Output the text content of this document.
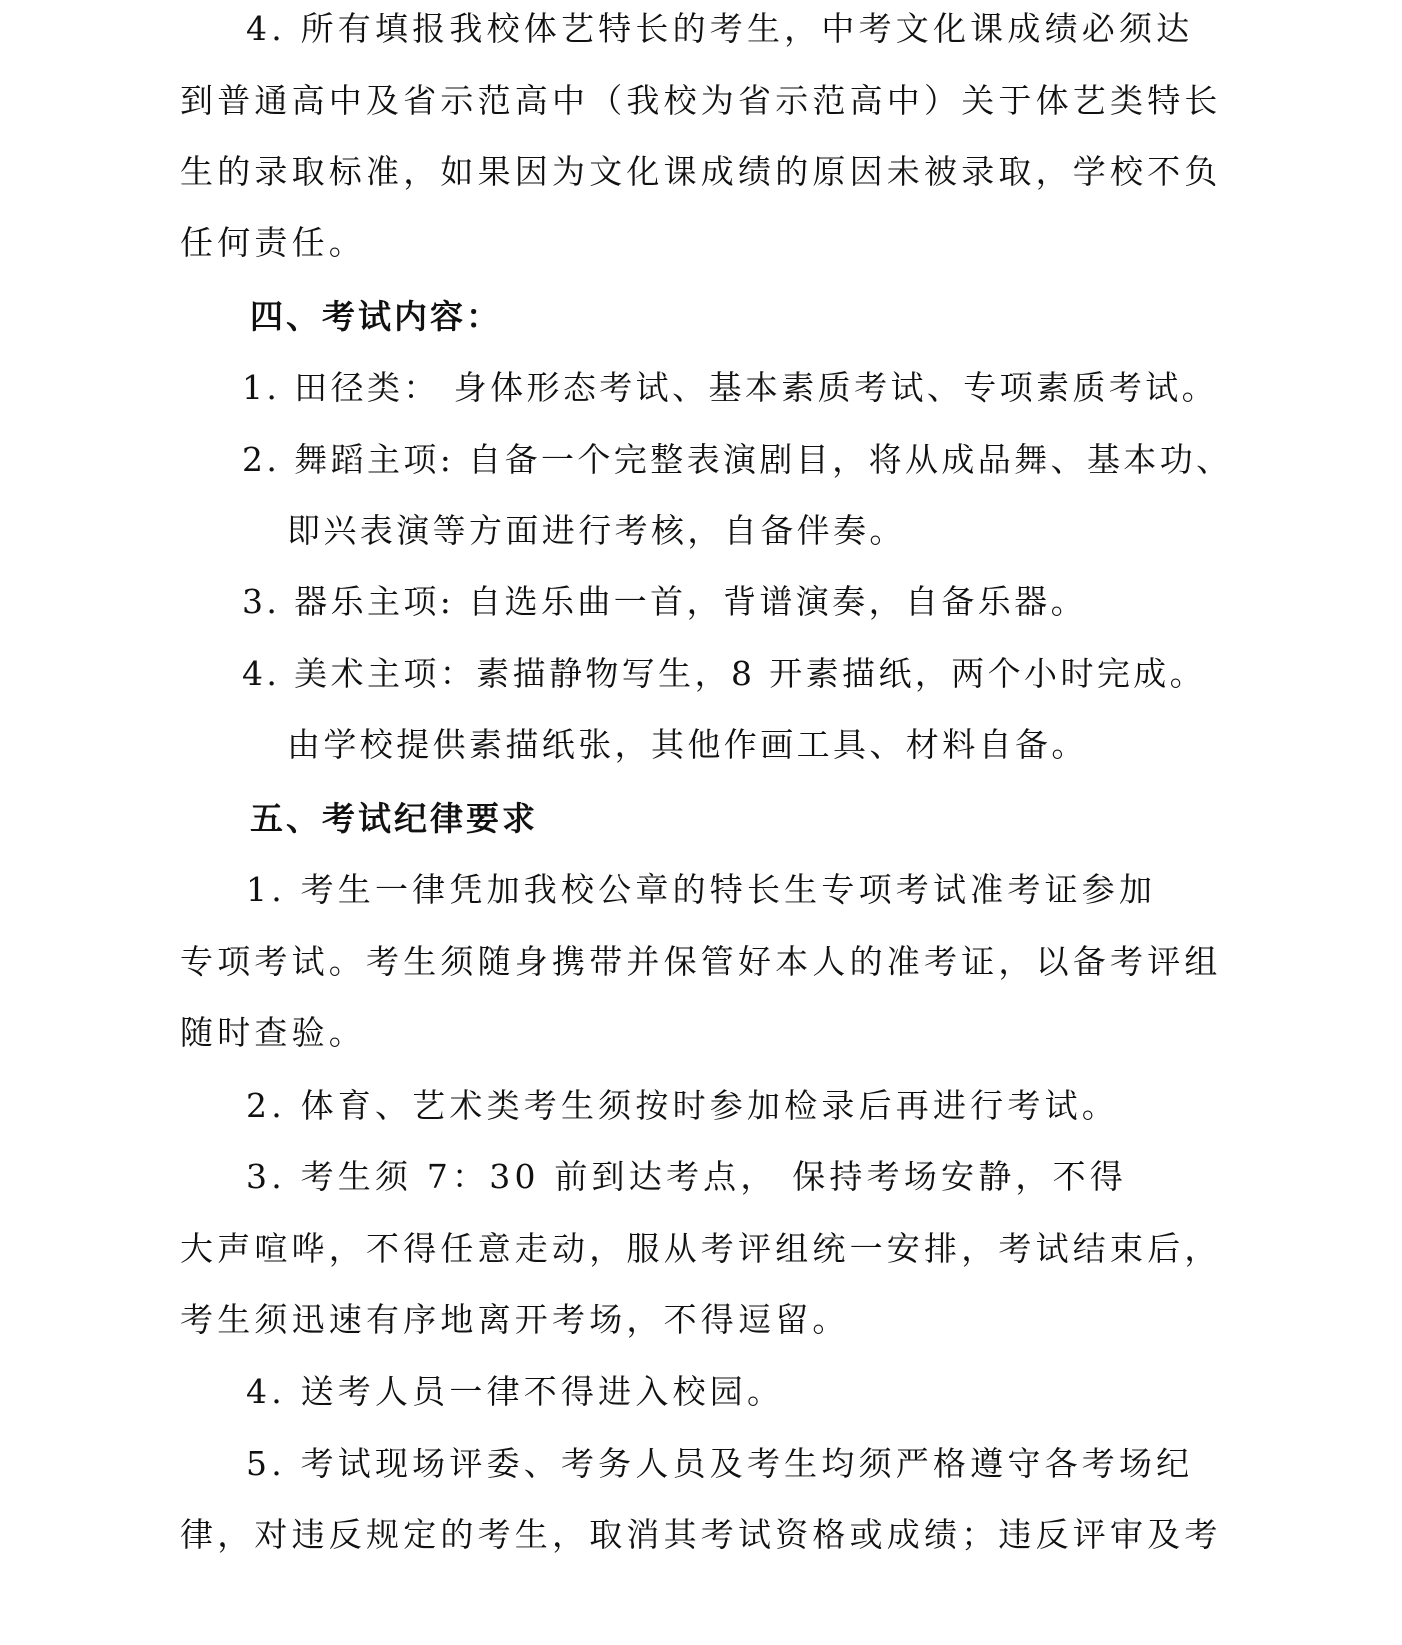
4. 所有填报我校体艺特长的考生，中考文化课成绩必须达
到普通高中及省示范高中（我校为省示范高中）关于体艺类特长
生的录取标准，如果因为文化课成绩的原因未被录取，学校不负
任何责任。
四、考试内容：
1. 田径类： 身体形态考试、基本素质考试、专项素质考试。
2. 舞蹈主项: 自备一个完整表演剧目，将从成品舞、基本功、
即兴表演等方面进行考核，自备伴奏。
3. 器乐主项: 自选乐曲一首，背谱演奏，自备乐器。
4. 美术主项：素描静物写生，8 开素描纸，两个小时完成。
由学校提供素描纸张，其他作画工具、材料自备。
五、考试纪律要求
1. 考生一律凭加我校公章的特长生专项考试准考证参加
专项考试。考生须随身携带并保管好本人的准考证，以备考评组
随时查验。
2. 体育、艺术类考生须按时参加检录后再进行考试。
3. 考生须 7：30 前到达考点， 保持考场安静，不得
大声喧哗，不得任意走动，服从考评组统一安排，考试结束后，
考生须迅速有序地离开考场，不得逗留。
4. 送考人员一律不得进入校园。
5. 考试现场评委、考务人员及考生均须严格遵守各考场纪
律，对违反规定的考生，取消其考试资格或成绩；违反评审及考
